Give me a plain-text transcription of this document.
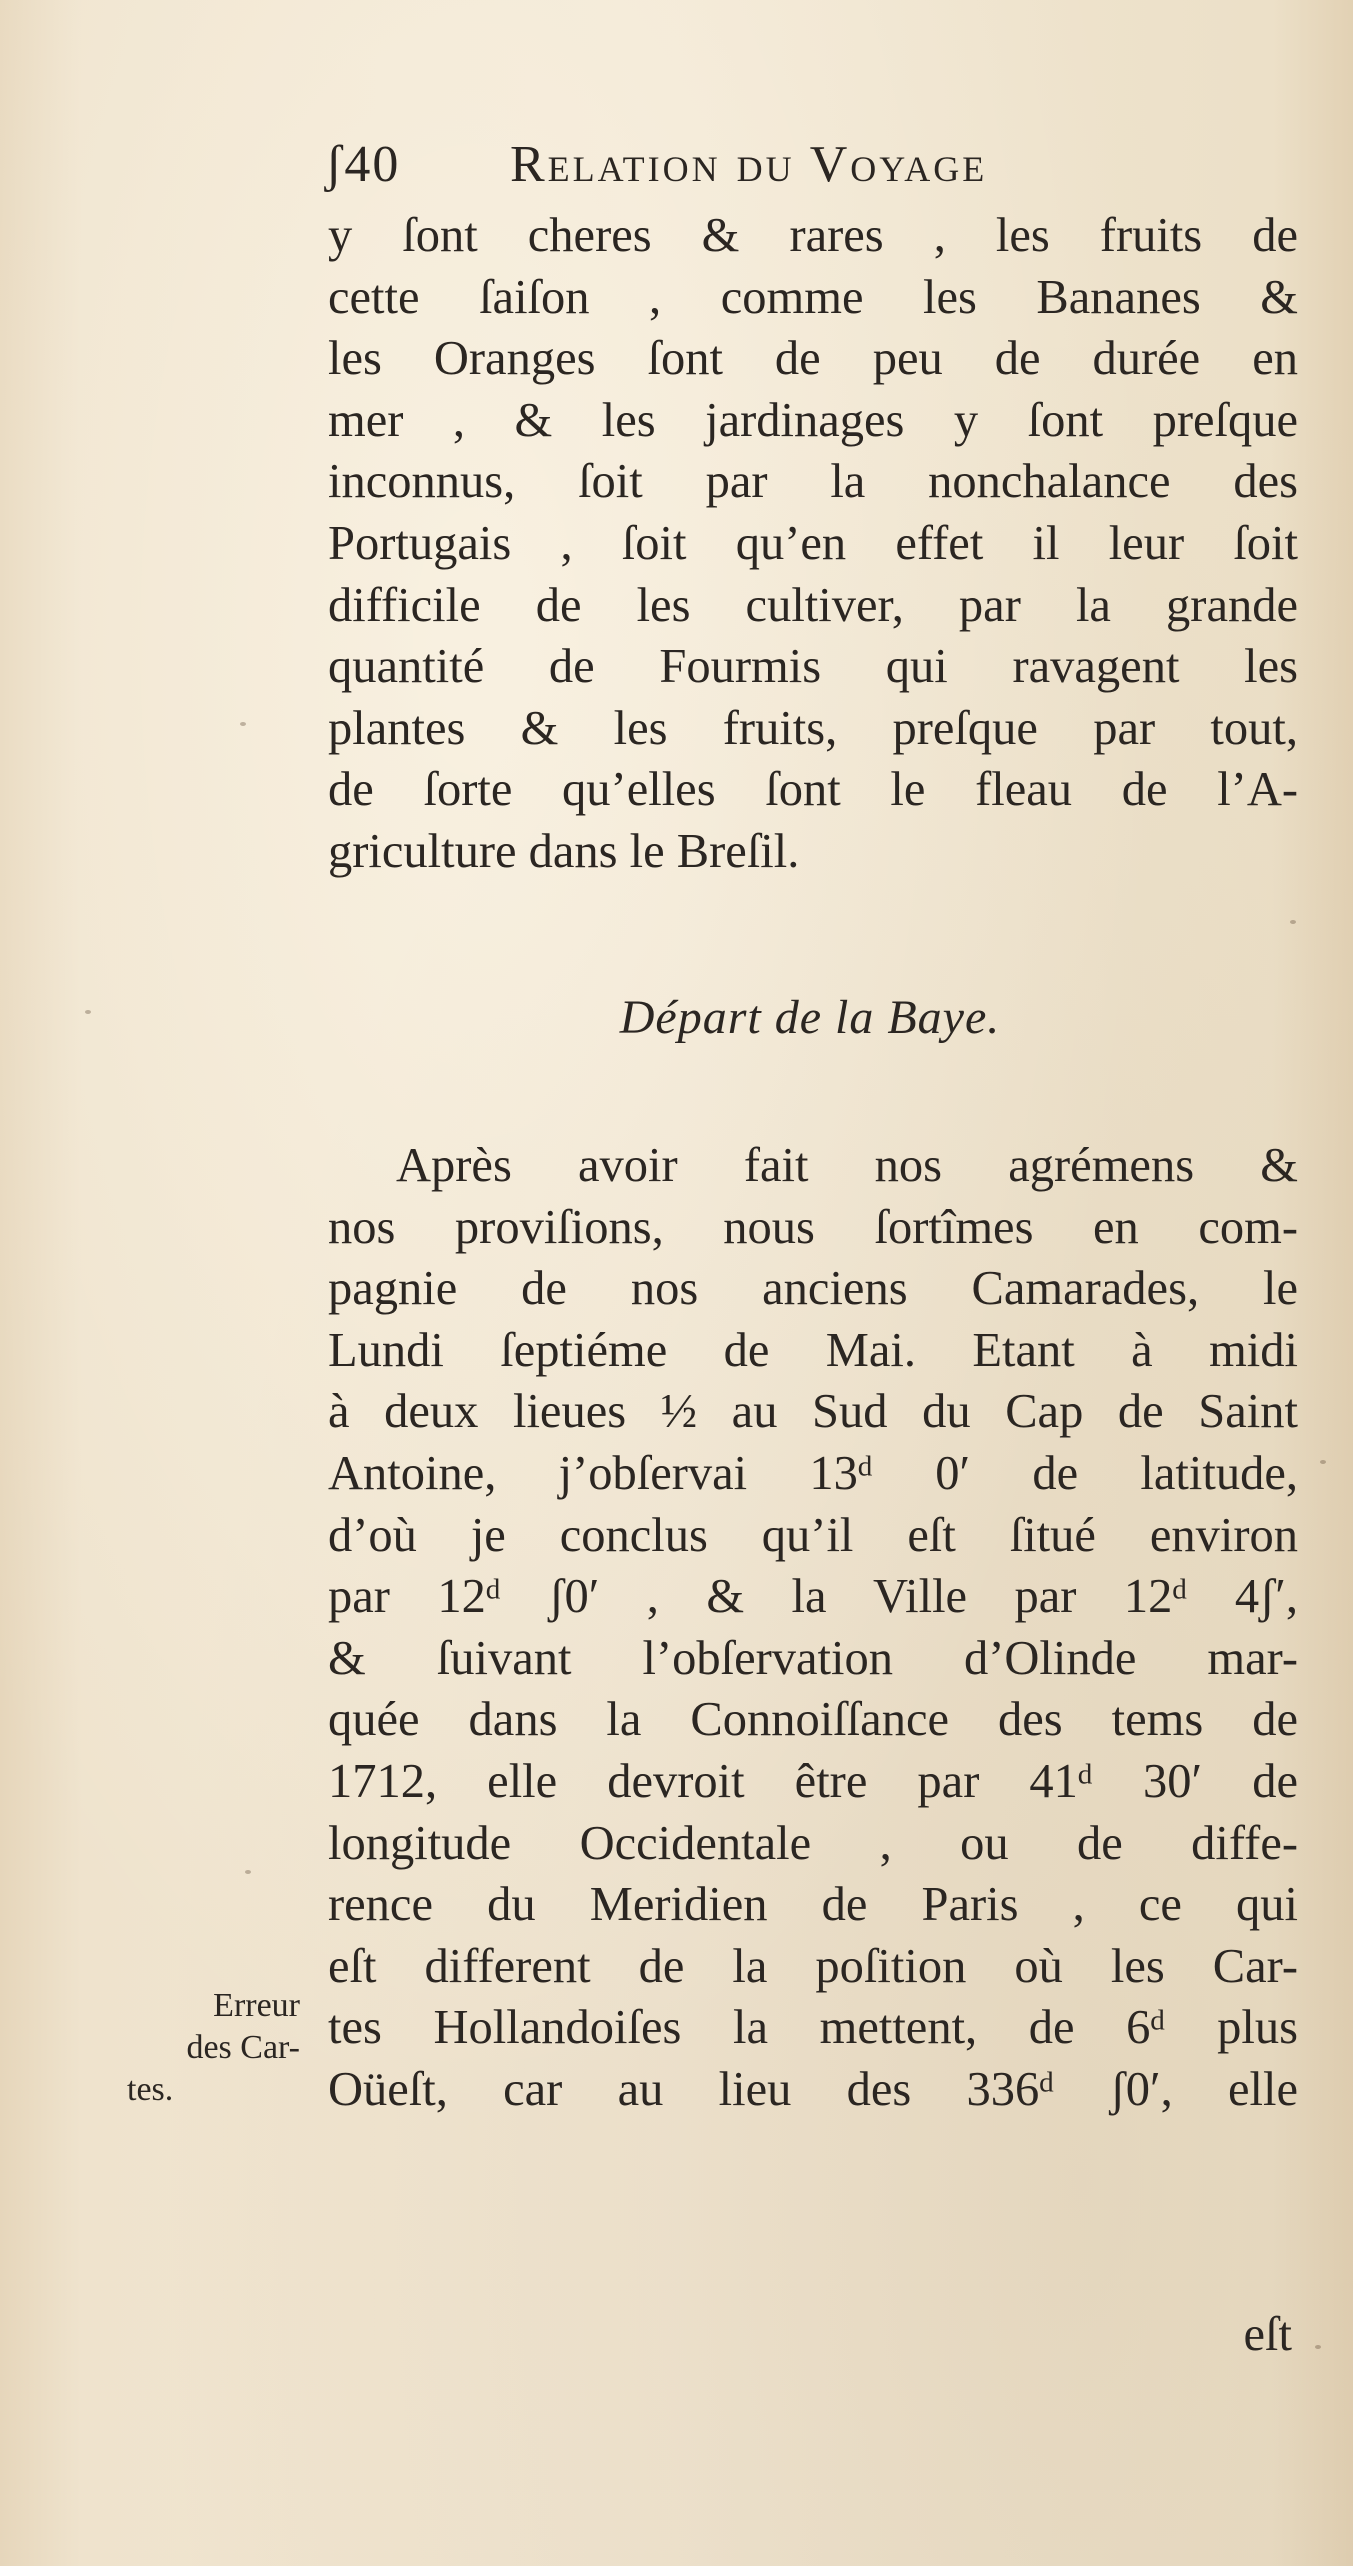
ʃ40 Relation du Voyage
y ſont cheres & rares , les fruits de
cette ſaiſon , comme les Bananes &
les Oranges ſont de peu de durée en
mer , & les jardinages y ſont preſque
inconnus, ſoit par la nonchalance des
Portugais , ſoit qu’en effet il leur ſoit
difficile de les cultiver, par la grande
quantité de Fourmis qui ravagent les
plantes & les fruits, preſque par tout,
de ſorte qu’elles ſont le fleau de l’A-
griculture dans le Breſil.
Départ de la Baye.
Après avoir fait nos agrémens &
nos proviſions, nous ſortîmes en com-
pagnie de nos anciens Camarades, le
Lundi ſeptiéme de Mai. Etant à midi
à deux lieues ½ au Sud du Cap de Saint
Antoine, j’obſervai 13ᵈ 0′ de latitude,
d’où je conclus qu’il eſt ſitué environ
par 12ᵈ ʃ0′ , & la Ville par 12ᵈ 4ʃ′,
& ſuivant l’obſervation d’Olinde mar-
quée dans la Connoiſſance des tems de
1712, elle devroit être par 41ᵈ 30′ de
longitude Occidentale , ou de diffe-
rence du Meridien de Paris , ce qui
eſt different de la poſition où les Car-
tes Hollandoiſes la mettent, de 6ᵈ plus
Oüeſt, car au lieu des 336ᵈ ʃ0′, elle
eſt
Erreur
des Car-
tes.
